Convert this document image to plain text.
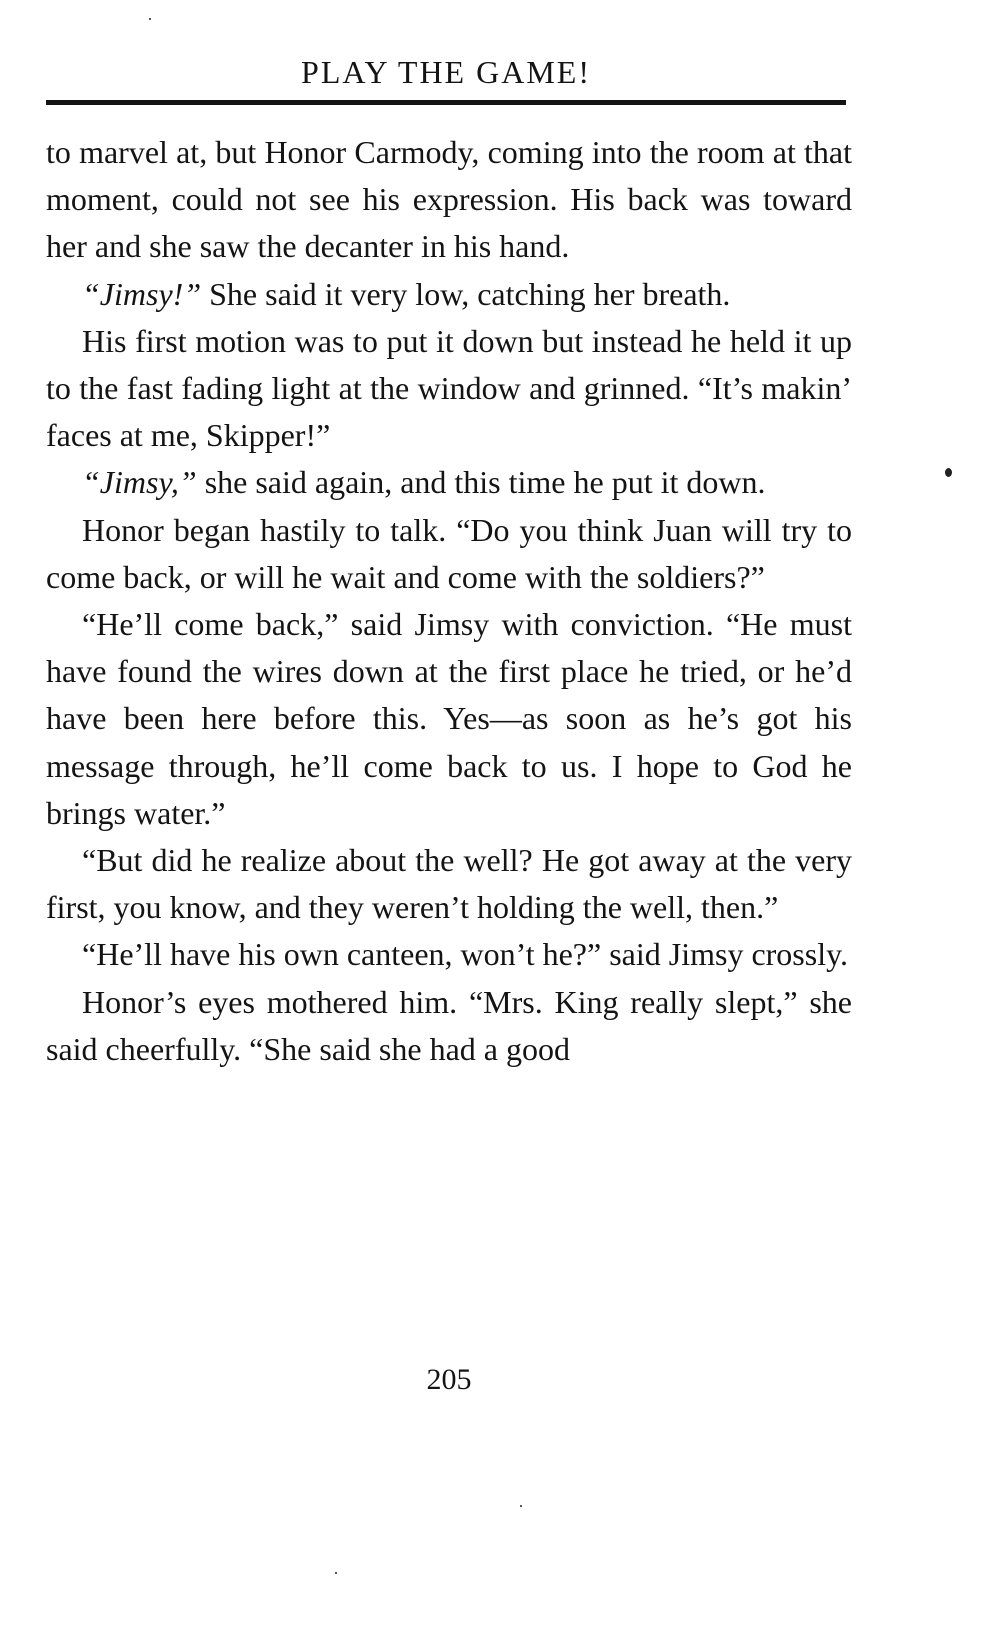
PLAY THE GAME!

to marvel at, but Honor Carmody, coming into the room at that moment, could not see his expression. His back was toward her and she saw the decanter in his hand.

“Jimsy!” She said it very low, catching her breath.

His first motion was to put it down but instead he held it up to the fast fading light at the window and grinned. “It’s makin’ faces at me, Skipper!”

“Jimsy,” she said again, and this time he put it down.

Honor began hastily to talk. “Do you think Juan will try to come back, or will he wait and come with the soldiers?”

“He’ll come back,” said Jimsy with conviction. “He must have found the wires down at the first place he tried, or he’d have been here before this. Yes—as soon as he’s got his message through, he’ll come back to us. I hope to God he brings water.”

“But did he realize about the well? He got away at the very first, you know, and they weren’t holding the well, then.”

“He’ll have his own canteen, won’t he?” said Jimsy crossly.

Honor’s eyes mothered him. “Mrs. King really slept,” she said cheerfully. “She said she had a good

205
